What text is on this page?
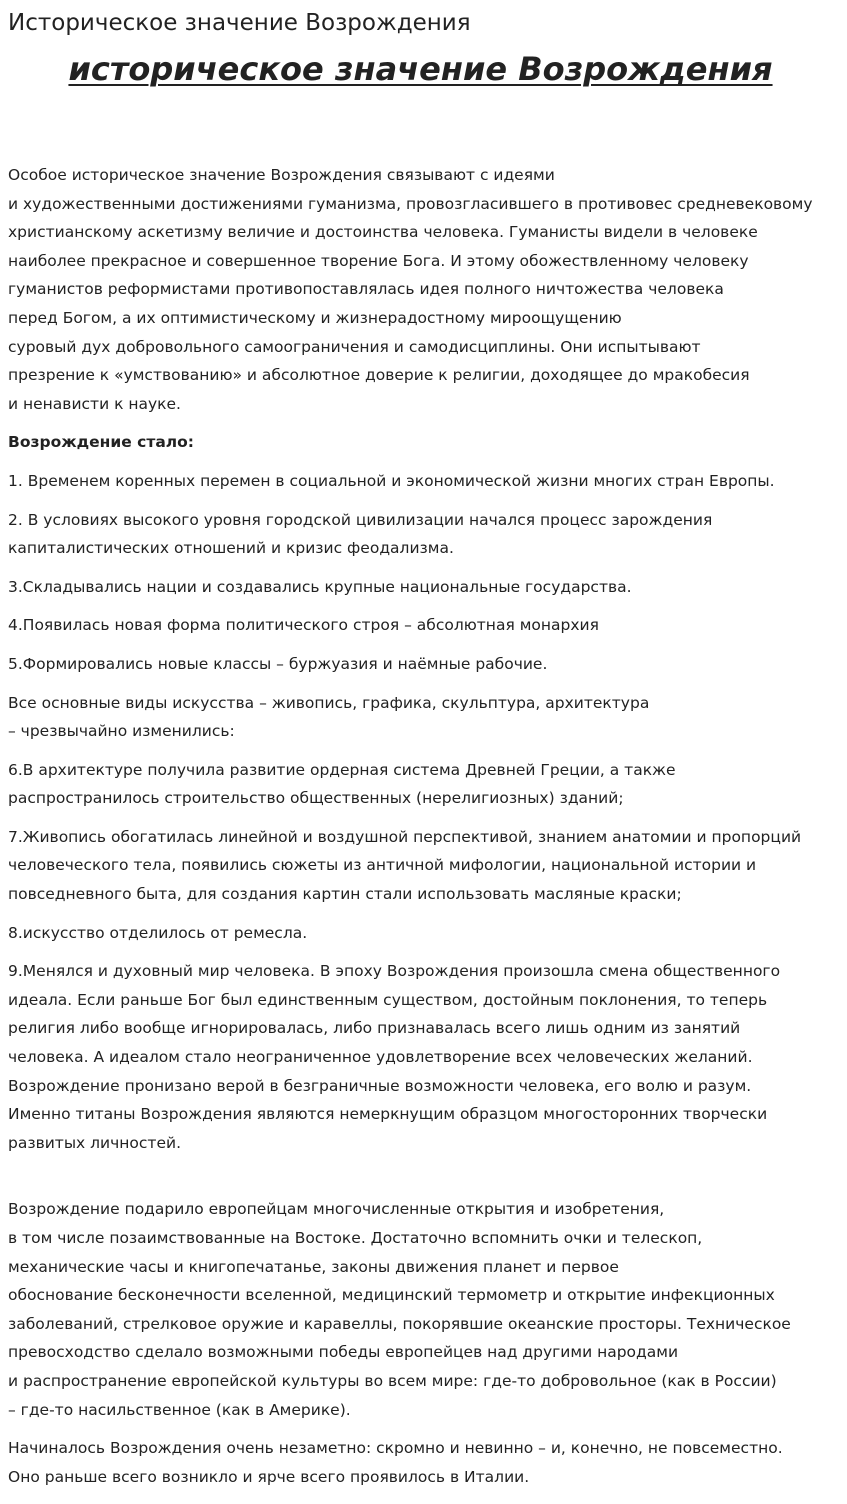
Историческое значение Возрождения
историческое значение Возрождения

Особое историческое значение Возрождения связывают с идеями
и художественными достижениями гуманизма, провозгласившего в противовес средневековому
христианскому аскетизму величие и достоинства человека. Гуманисты видели в человеке
наиболее прекрасное и совершенное творение Бога. И этому обожествленному человеку
гуманистов реформистами противопоставлялась идея полного ничтожества человека
перед Богом, а их оптимистическому и жизнерадостному мироощущению
суровый дух добровольного самоограничения и самодисциплины. Они испытывают
презрение к «умствованию» и абсолютное доверие к религии, доходящее до мракобесия
и ненависти к науке.

Возрождение стало:

1. Временем коренных перемен в социальной и экономической жизни многих стран Европы.

2. В условиях высокого уровня городской цивилизации начался процесс зарождения
капиталистических отношений и кризис феодализма.

3.Складывались нации и создавались крупные национальные государства.

4.Появилась новая форма политического строя – абсолютная монархия

5.Формировались новые классы – буржуазия и наёмные рабочие.

Все основные виды искусства – живопись, графика, скульптура, архитектура
– чрезвычайно изменились:

6.В архитектуре получила развитие ордерная система Древней Греции, а также
распространилось строительство общественных (нерелигиозных) зданий;

7.Живопись обогатилась линейной и воздушной перспективой, знанием анатомии и пропорций
человеческого тела, появились сюжеты из античной мифологии, национальной истории и
повседневного быта, для создания картин стали использовать масляные краски;

8.искусство отделилось от ремесла.

9.Менялся и духовный мир человека. В эпоху Возрождения произошла смена общественного
идеала. Если раньше Бог был единственным существом, достойным поклонения, то теперь
религия либо вообще игнорировалась, либо признавалась всего лишь одним из занятий
человека. А идеалом стало неограниченное удовлетворение всех человеческих желаний.
Возрождение пронизано верой в безграничные возможности человека, его волю и разум.
Именно титаны Возрождения являются немеркнущим образцом многосторонних творчески
развитых личностей.

Возрождение подарило европейцам многочисленные открытия и изобретения,
в том числе позаимствованные на Востоке. Достаточно вспомнить очки и телескоп,
механические часы и книгопечатанье, законы движения планет и первое
обоснование бесконечности вселенной, медицинский термометр и открытие инфекционных
заболеваний, стрелковое оружие и каравеллы, покорявшие океанские просторы. Техническое
превосходство сделало возможными победы европейцев над другими народами
и распространение европейской культуры во всем мире: где-то добровольное (как в России)
– где-то насильственное (как в Америке).

Начиналось Возрождения очень незаметно: скромно и невинно – и, конечно, не повсеместно.
Оно раньше всего возникло и ярче всего проявилось в Италии.
